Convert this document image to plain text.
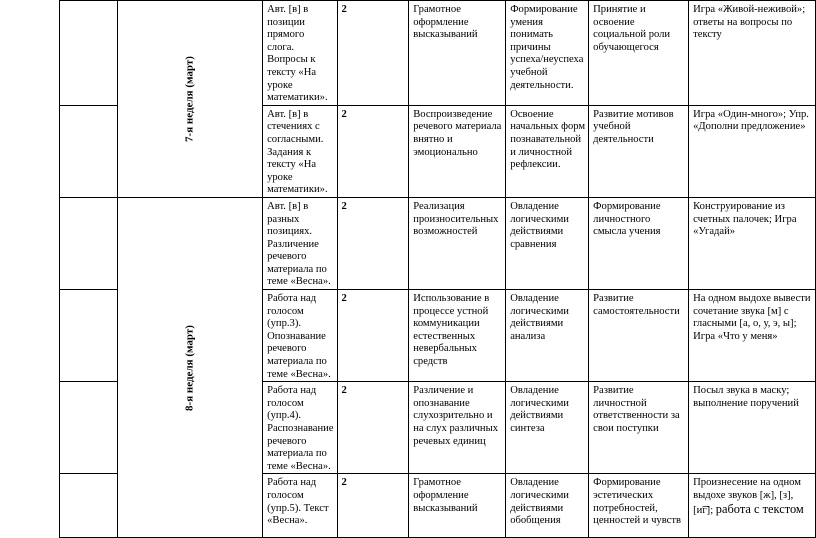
	7-я неделя (март)	Авт. [в] в позиции прямого слога. Вопросы к тексту «На уроке математики».	2	Грамотное оформление высказываний	Формирование умения понимать причины успеха/неуспеха учебной деятельности.	Принятие и освоение социальной роли обучающегося	Игра «Живой-неживой»; ответы на вопросы по тексту
		Авт. [в] в стечениях с согласными. Задания к тексту «На уроке математики».	2	Воспроизведение речевого материала внятно и эмоционально	Освоение начальных форм познавательной и личностной рефлексии.	Развитие мотивов учебной деятельности	Игра «Один-много»; Упр. «Дополни предложение»

	8-я неделя (март)	Авт. [в] в разных позициях. Различение речевого материала по теме «Весна».	2	Реализация произносительных возможностей	Овладение логическими действиями сравнения	Формирование личностного смысла учения	Конструирование из счетных палочек; Игра «Угадай»
		Работа над голосом (упр.3). Опознавание речевого материала по теме «Весна».	2	Использование в процессе устной коммуникации естественных невербальных средств	Овладение логическими действиями анализа	Развитие самостоятельности	На одном выдохе вывести сочетание звука [м] с гласными [а, о, у, э, ы]; Игра «Что у меня»
		Работа над голосом (упр.4). Распознавание речевого материала по теме «Весна».	2	Различение и опознавание слухозрительно и на слух различных речевых единиц	Овладение логическими действиями синтеза	Развитие личностной ответственности за свои поступки	Посыл звука в маску; выполнение поручений
		Работа над голосом (упр.5). Текст «Весна».	2	Грамотное оформление высказываний	Овладение логическими действиями обобщения	Формирование эстетических потребностей, ценностей и чувств	Произнесение на одном выдохе звуков [ж], [з], [и͡г]; работа с текстом
